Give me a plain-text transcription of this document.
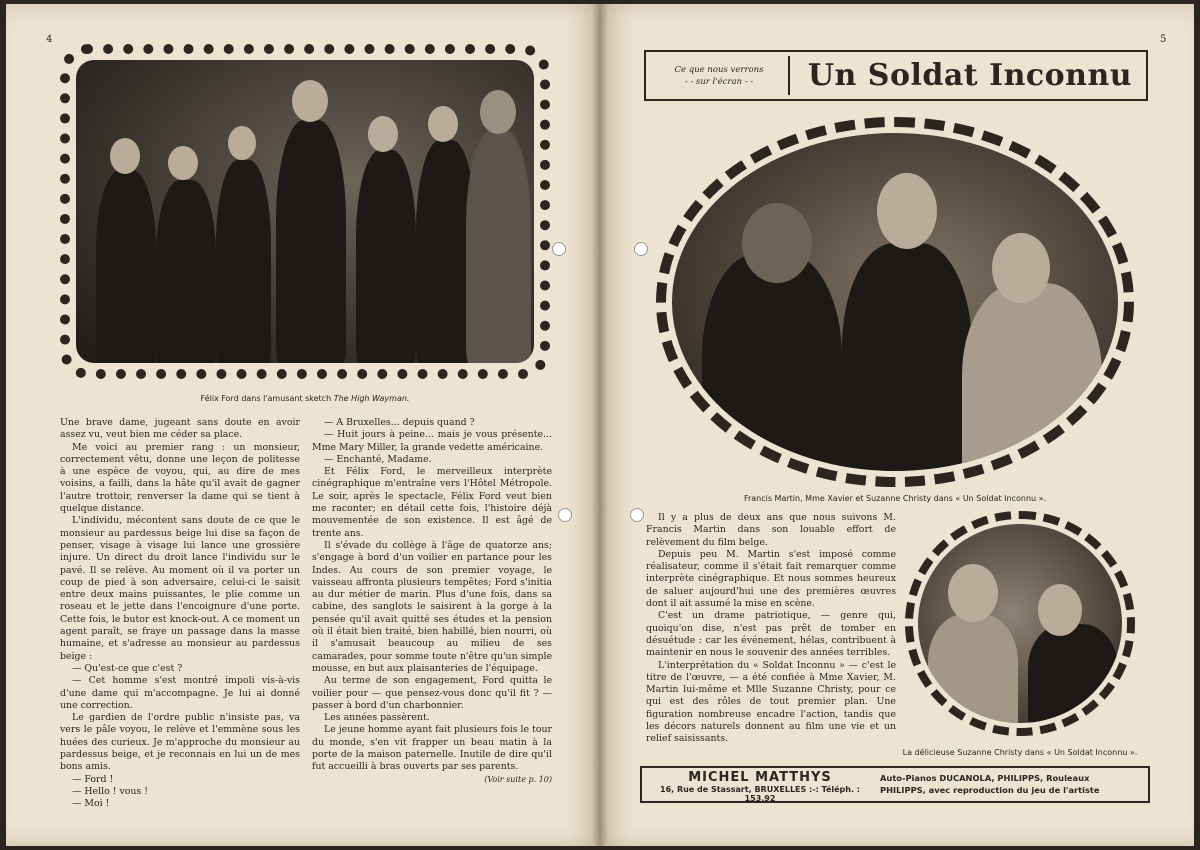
4
Félix Ford dans l'amusant sketch The High Wayman.

Une brave dame, jugeant sans doute en avoir assez vu, veut bien me céder sa place.

Me voici au premier rang : un monsieur, correctement vêtu, donne une leçon de politesse à une espèce de voyou, qui, au dire de mes voisins, a failli, dans la hâte qu'il avait de gagner l'autre trottoir, renverser la dame qui se tient à quelque distance.

L'individu, mécontent sans doute de ce que le monsieur au pardessus beige lui dise sa façon de penser, visage à visage lui lance une grossière injure. Un direct du droit lance l'individu sur le pavé. Il se relève. Au moment où il va porter un coup de pied à son adversaire, celui-ci le saisit entre deux mains puissantes, le plie comme un roseau et le jette dans l'encoignure d'une porte. Cette fois, le butor est knock-out. A ce moment un agent paraît, se fraye un passage dans la masse humaine, et s'adresse au monsieur au pardessus beige :

— Qu'est-ce que c'est ?

— Cet homme s'est montré impoli vis-à-vis d'une dame qui m'accompagne. Je lui ai donné une correction.

Le gardien de l'ordre public n'insiste pas, va vers le pâle voyou, le relève et l'emmène sous les huées des curieux. Je m'approche du monsieur au pardessus beige, et je reconnais en lui un de mes bons amis.

— Ford !

— Hello ! vous !

— Moi !

— A Bruxelles... depuis quand ?

— Huit jours à peine... mais je vous présente... Mme Mary Miller, la grande vedette américaine.

— Enchanté, Madame.

Et Félix Ford, le merveilleux interprète cinégraphique m'entraîne vers l'Hôtel Métropole. Le soir, après le spectacle, Félix Ford veut bien me raconter; en détail cette fois, l'histoire déjà mouvementée de son existence. Il est âgé de trente ans.

Il s'évade du collège à l'âge de quatorze ans; s'engage à bord d'un voilier en partance pour les Indes. Au cours de son premier voyage, le vaisseau affronta plusieurs tempêtes; Ford s'initia au dur métier de marin. Plus d'une fois, dans sa cabine, des sanglots le saisirent à la gorge à la pensée qu'il avait quitté ses études et la pension où il était bien traité, bien habillé, bien nourri, où il s'amusait beaucoup au milieu de ses camarades, pour somme toute n'être qu'un simple mousse, en but aux plaisanteries de l'équipage.

Au terme de son engagement, Ford quitta le voilier pour — que pensez-vous donc qu'il fit ? — passer à bord d'un charbonnier.

Les années passèrent.

Le jeune homme ayant fait plusieurs fois le tour du monde, s'en vit frapper un beau matin à la porte de la maison paternelle. Inutile de dire qu'il fut accueilli à bras ouverts par ses parents.

(Voir suite p. 10)

5
Ce que nous verrons
- - sur l'écran - -	Un Soldat Inconnu
Francis Martin, Mme Xavier et Suzanne Christy dans « Un Soldat Inconnu ».

Il y a plus de deux ans que nous suivons M. Francis Martin dans son louable effort de relèvement du film belge.

Depuis peu M. Martin s'est imposé comme réalisateur, comme il s'était fait remarquer comme interprète cinégraphique. Et nous sommes heureux de saluer aujourd'hui une des premières œuvres dont il ait assumé la mise en scène.

C'est un drame patriotique, — genre qui, quoiqu'on dise, n'est pas prêt de tomber en désuétude : car les événement, hélas, contribuent à maintenir en nous le souvenir des années terribles.

L'interprétation du « Soldat Inconnu » — c'est le titre de l'œuvre, — a été confiée à Mme Xavier, M. Martin lui-même et Mlle Suzanne Christy, pour ce qui est des rôles de tout premier plan. Une figuration nombreuse encadre l'action, tandis que les décors naturels donnent au film une vie et un relief saisissants.

La délicieuse Suzanne Christy dans « Un Soldat Inconnu ».
MICHEL MATTHYS
16, Rue de Stassart, BRUXELLES :-: Téléph. : 153.92
Auto-Pianos DUCANOLA, PHILIPPS, Rouleaux
PHILIPPS, avec reproduction du jeu de l'artiste
